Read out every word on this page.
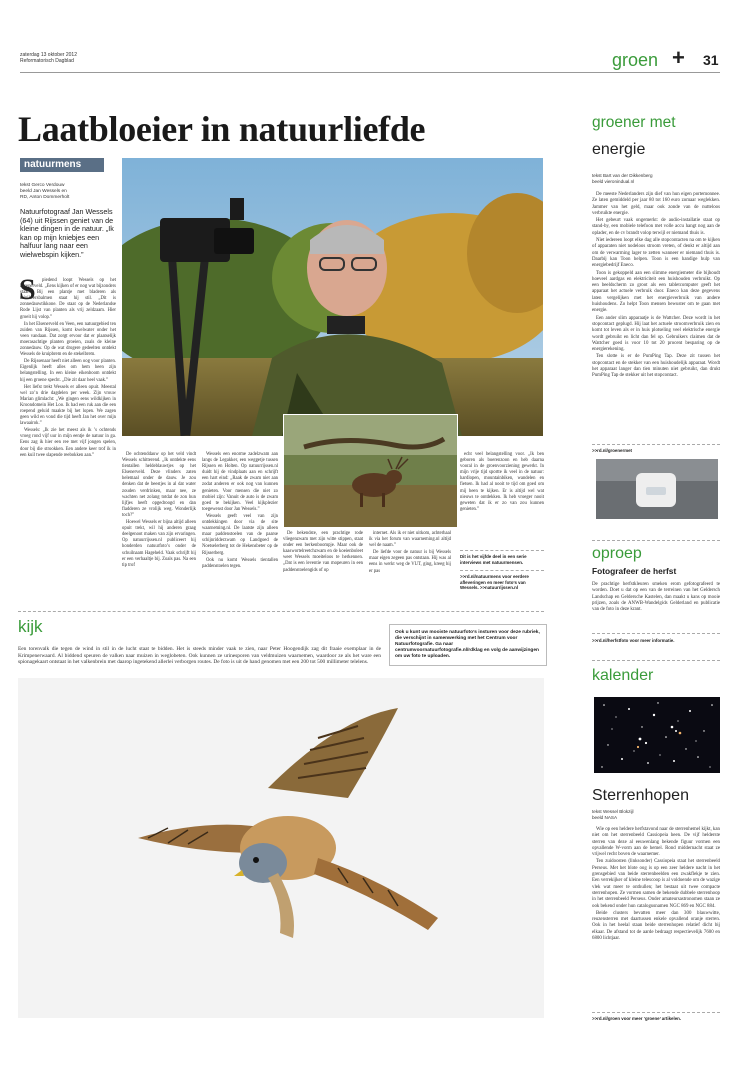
zaterdag 13 oktober 2012
Reformatorisch Dagblad	groen + 31
Laatbloeier in natuurliefde
natuurmens
tekst Gerco Verdouw
beeld Jan Wessels en
RD, Anton Dommerholt
Natuurfotograaf Jan Wessels (64) uit Rijssen geniet van de kleine dingen in de natuur. „Ik kan op mijn kniebjes een halfuur lang naar een wielwebspin kijken.”
S	piedend loopt Wessels op het Elsenerveld. „Eens kijken of er nog wat bijzonders staat.” Bij een plantje met bladeren als minikeersbalmen staat hij stil. „Dit is zonnedauwtikkone. De staat op de Nederlandse Rode Lijst van planten als vrij zeldzaam. Hier groeit hij volop.”

In het Elsenerveld en Veen, een natuurgebied ten zuiden van Rijssen, komt kwelwater onder het veen vandaan. Dat zorgt ervoor dat er plaatselijk moerasachtige planten groeien, zoals de kleine zonnedauw. Op de wat drogere gedeelten ontdekt Wessels de kruipbrem en de stekelbrem.

De Rijssenaar heeft niet alleen oog voor planten. Eigenlijk heeft alles om hem heen zijn belangstelling. In een kleine eikenboom ontdekt hij een groene specht. „Die zit daar heel vaak.”

Het liefst trekt Wessels er alleen opuit. Meestal wel zo’n drie dagdelen per week. Zijn vrouw Marian glimlacht: „We gingen eens wildkijken in Kroondomein Het Loo. Ik had een ruk aan die een roepend geluid maakte bij het lopen. We zagen geen wild en vond die tijd heeft Jan het over mijn lawaairok.”

Wessels: „Ik zie het meest als ik ’s ochtends vroeg rond vijf uur in mijn eentje de natuur in ga. Eens zag ik hier een ree met vijf jongen spelen, door bij die strookken. Een andere keer trof ik in een kuil twee slapende reebokken aan.”	De ochtenddauw op het veld vindt Wessels schitterend. „Ik ontdekte eens tientallen heldeblauwtjes op het Elsenerveld. Deze vlinders zaten helemaal onder de dauw. Je zou denken dat de beestjes in al dat water zouden verdrinken, maar nee, ze wachten net zolang totdat de zon hun lijfjes heeft opgedroogd en dan fladderen ze vrolijk weg. Wonderlijk toch?”

Hoewel Wessels er bijna altijd alleen opuit trekt, wil hij anderen graag deelgenoot maken van zijn ervaringen. Op natuurrijssen.nl publiceert hij honderden natuurfoto’s onder de schuilnaam Hageheld. Vaak schrijft hij er een verhaaltje bij. Zoals pas. Na een tip trof

Wessels een enorme zadelzwam aan langs de Legakker, een weggetje tussen Rijssen en Holten. Op natuurrijssen.nl duidt hij de vindplaats aan en schrijft een hart eind: „Raak de zwam niet aan zodat anderen er ook nog van kunnen genieten. Voor mensen die niet zo mobiel zijn: Vanuit de auto is de zwam goed te bekijken. Veel kijkplezier toegewenst door Jan Wessels.”

Wessels geeft veel van zijn ontdekkingen door via de site waarneming.nl. De laatste zijn alleen maar paddenstoelen van de paarse schijnridderzwam op Landgoed de Noetselerberg tot de Hekensbeter op de Rijsserberg.

Ook nu komt Wessels tientallen paddenstoelen tegen.

De bekendste, een prachtige rode vliegenzwam met zijn witte stippen, staat onder een berkenboompje. Maar ook de kaaswortelreetchzwam en de koeienboleet weet Wessels moeiteloos te herkennen. „Dat is een leventie van mopeuren in een paddenstoelengids of op

internet. Als ik er niet uitkom, achterhaal ik via het forum van waarneming.nl altijd wel de naam.”

De liefde voor de natuur is bij Wessels maar eigen zegeen pas ontstaan. Hij was al eens in werkt weg de VUT, ging, kreeg hij er pas

echt veel belangstelling voor. „Ik ben geboren als boerenzoon en heb daarna vooral in de groenvoorziening gewerkt. In mijn vrije tijd sportte ik veel in de natuur: hardlopen, mountainbiken, wandelen en fietsen. Ik had al nooit te tijd om goed om mij heen te kijken. Er is altijd wel wat nieuws te ontdekken. Ik heb vroeger nooit geweten dat ik er zo van zou kunnen genieten.”

Dit is het vijfde deel in een serie interviews met natuurmensen.
>>rd.nl/natuurmens voor eerdere afleveringen en meer foto’s van Wessels. >>natuurrijssen.nl
kijk
Een torenvalk die tegen de wind in stil in de lucht staat te bidden. Het is steeds minder vaak te zien, naar Peter Hoogendijk zag dit fraaie exemplaar in de Krimpenerwaard. Al biddend speuren de valken naar muizen in weglobeten. Ook kunnen ze urinesporen van veldmuizen waarnemen, waardoor ze als het ware een spionagekaart ontstaat in het valkenbrein met daarop ingetekend allerlei verborgen routes. De foto is uit de hand genomen met een 200 tot 500 millimeter telelens.
Ook u kunt uw mooiste natuurfoto’s insturen voor deze rubriek, die verschijnt in samenwerking met het Centrum voor Natuurfotografie. Ga naar centrumvoornatuurfotografie.nl/rdklag en volg de aanwijzingen om uw foto te uploaden.
groener met
energie
tekst Bart van der Dikkenberg
beeld vieronindual.nl

De meeste Nederlanders zijn dief van hun eigen portemonnee. Ze laten gemiddeld per jaar 80 tot 160 euro zomaar weglekken. Jammer van het geld, maar ook zonde van de nutteloos verbruikte energie.

Het gebeurt vaak ongemerkt: de audio-installatie staat op stand-by, een mobiele telefoon met volle accu hangt nog aan de oplader, en de cv brandt volop terwijl er niemand thuis is.

Niet iedereen loopt elke dag alle stopcontacten na om te kijken of apparaten niet nodeloos stroom vreten, of denkt er altijd aan om de verwarming lager te zetten wanneer er niemand thuis is. Daarbij kan Toon helpen. Toon is een handige hulp van energiebedrijf Eneco.

Toon is gekoppeld aan een slimme energiemeter die bijhoudt hoeveel aardgas en elektriciteit een huishouden verbruikt. Op een beeldscherm zo groot als een tabletcomputer geeft het apparaat het actuele verbruik door. Eneco kan deze gegevens laten vergelijken met het energieverbruik van andere huishoudens. Zo helpt Toon mensen bewuster om te gaan met energie.

Een ander slim apparaatje is de Wattcher. Deze wordt in het stopcontact geplugd. Hij laat het actuele stroomverbruik zien en komt tot leven als er in huis plotseling veel elektrische energie wordt gebruikt en licht dan fel op. Gebruikers claimen dat de Wattcher goed is voor 10 tot 20 procent besparing op de energierekening.

Ten slotte is er de PumPing Tap. Deze zit tussen het stopcontact en de stekker van een huishoudelijk apparaat. Wordt het apparaat langer dan tien minuten niet gebruikt, dan drukt PumPing Tap de stekker uit het stopcontact.

>>rd.nl/groenermet
oproep
Fotografeer de herfst

De prachtige herfstkleuren smeken erom gefotografeerd te worden. Doet u dat op een van de terreinen van het Geldersch Landschap en Geldersche Kastelen, dan maakt u kans op mooie prijzen, zoals de ANWB-Wandelgids Gelderland en publicatie van de foto in deze krant.

>>rd.nl/herfstfoto voor meer informatie.
kalender
Sterrenhopen
tekst Wessel Blokzijl
beeld NASA

Wie op een heldere herfstavond naar de sterrenhemel kijkt, kan niet om het sterrenbeeld Cassiopeia heen. De vijf helderste sterren van deze al eeuwenlang bekende figuur vormen een opvallende W-vorm aan de hemel. Rond middernacht staat ze vrijwel recht boven de waarnemer.

Ten zuidoosten (linksonder) Cassiopeia staat het sterrenbeeld Perseus. Met het blote oog is op een zeer heldere nacht in het grensgebied van beide sterrenbeelden een zwakflekje te zien. Een verrekijker of kleine telescoop is al voldoende om de wazige vlek wat meer te onthullen; het bestaat uit twee compacte sterrenhopen. Ze vormen samen de bekende dubbele sterrenhoop in het sterrenbeeld Perseus. Onder amateursastronomen staan ze ook bekend onder hun catalogusnamen NGC 869 en NGC 884.

Beide clusters bevatten meer dan 300 blauwwitte, reuzensterren met daartussen enkele opvallend oranje sterren. Ook in het heelal staan beide sterrenhopen relatief dicht bij elkaar. De afstand tot de aarde bedraagt respectievelijk 7600 en 6800 lichtjaar.

>>rd.nl/groen voor meer ‘groene’ artikelen.
